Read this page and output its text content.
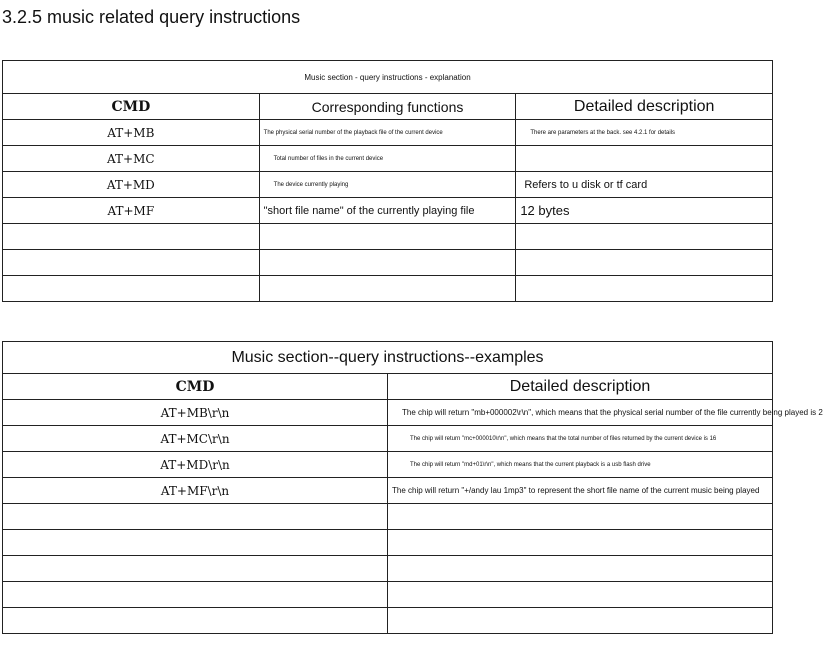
3.2.5 music related query instructions
Music section - query instructions - explanation		
CMD	Corresponding functions	Detailed description
AT+MB	The physical serial number of the playback file of the current device	There are parameters at the back. see 4.2.1 for details
AT+MC	Total number of files in the current device	
AT+MD	The device currently playing	Refers to u disk or tf card
AT+MF	"short file name" of the currently playing file	12 bytes

Music section--query instructions--examples	
CMD	Detailed description
AT+MB\r\n	The chip will return "mb+000002\r\n", which means that the physical serial number of the file currently being played is 2
AT+MC\r\n	The chip will return "mc+000010\r\n", which means that the total number of files returned by the current device is 16
AT+MD\r\n	The chip will return "md+01\r\n", which means that the current playback is a usb flash drive
AT+MF\r\n	The chip will return "+/andy lau 1mp3" to represent the short file name of the current music being played
